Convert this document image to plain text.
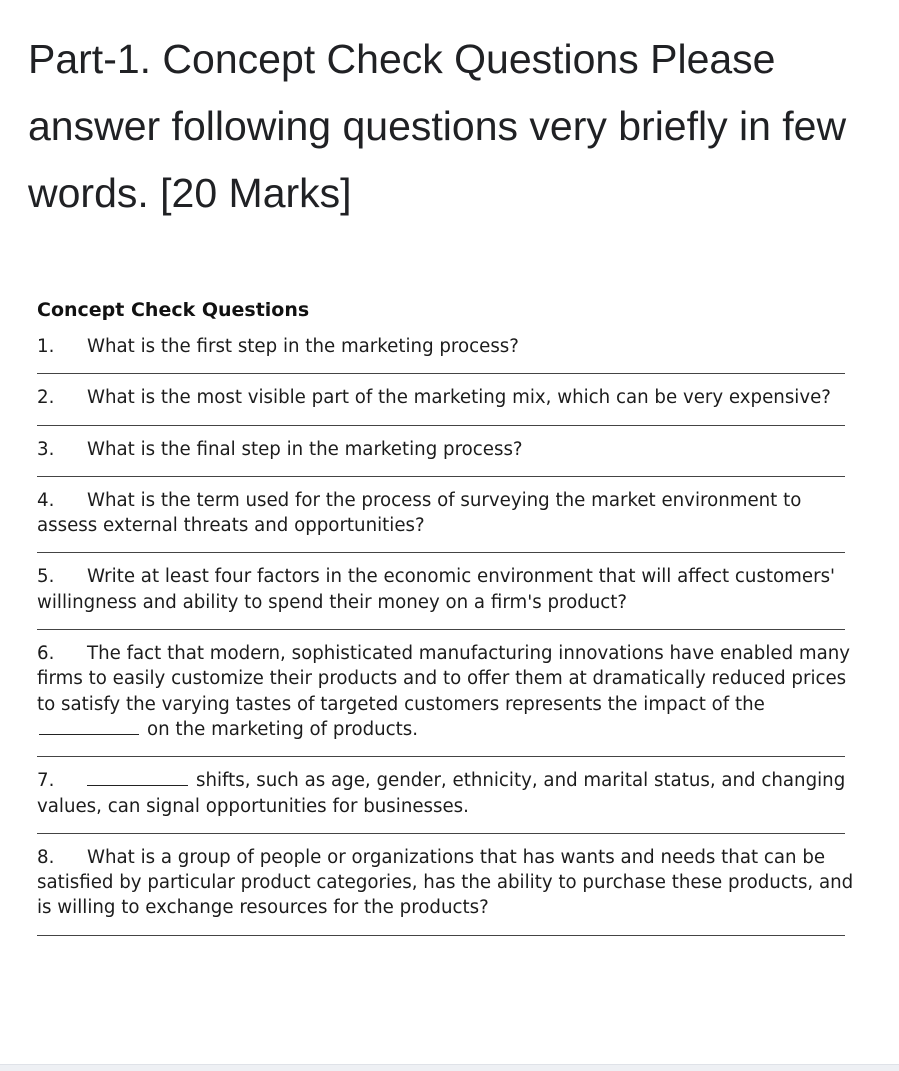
Part-1. Concept Check Questions Please answer following questions very briefly in few words. [20 Marks]
Concept Check Questions
1. What is the first step in the marketing process?
2. What is the most visible part of the marketing mix, which can be very expensive?
3. What is the final step in the marketing process?
4. What is the term used for the process of surveying the market environment to assess external threats and opportunities?
5. Write at least four factors in the economic environment that will affect customers' willingness and ability to spend their money on a firm's product?
6. The fact that modern, sophisticated manufacturing innovations have enabled many firms to easily customize their products and to offer them at dramatically reduced prices to satisfy the varying tastes of targeted customers represents the impact of the on the marketing of products.
7.	shifts, such as age, gender, ethnicity, and marital status, and changing values, can signal opportunities for businesses.
8. What is a group of people or organizations that has wants and needs that can be satisfied by particular product categories, has the ability to purchase these products, and is willing to exchange resources for the products?
